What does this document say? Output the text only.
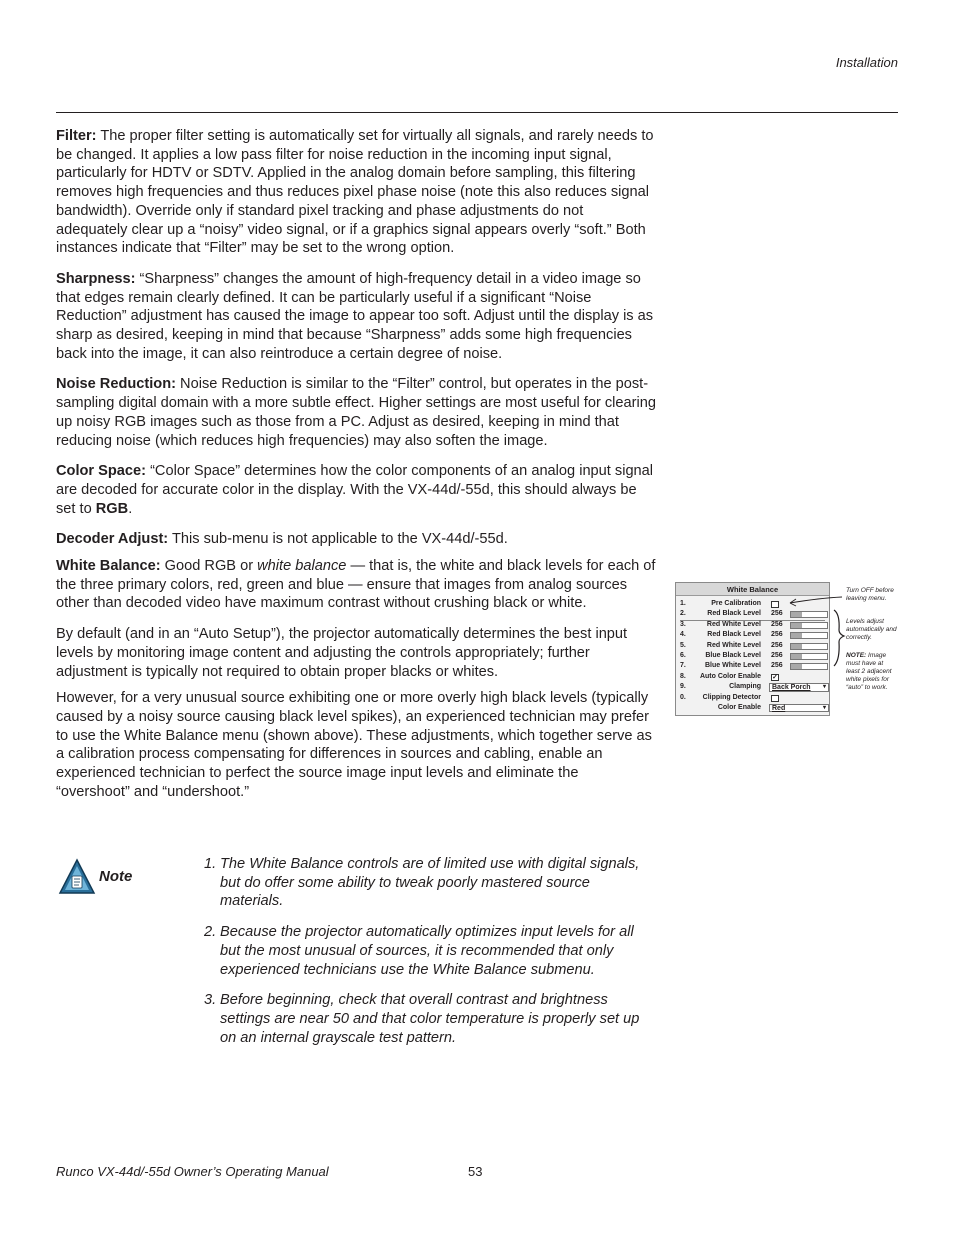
Installation

Filter: The proper filter setting is automatically set for virtually all signals, and rarely needs to be changed. It applies a low pass filter for noise reduction in the incoming input signal, particularly for HDTV or SDTV. Applied in the analog domain before sampling, this filtering removes high frequencies and thus reduces pixel phase noise (note this also reduces signal bandwidth). Override only if standard pixel tracking and phase adjustments do not adequately clear up a “noisy” video signal, or if a graphics signal appears overly “soft.” Both instances indicate that “Filter” may be set to the wrong option.

Sharpness: “Sharpness” changes the amount of high-frequency detail in a video image so that edges remain clearly defined. It can be particularly useful if a significant “Noise Reduction” adjustment has caused the image to appear too soft. Adjust until the display is as sharp as desired, keeping in mind that because “Sharpness” adds some high frequencies back into the image, it can also reintroduce a certain degree of noise.

Noise Reduction: Noise Reduction is similar to the “Filter” control, but operates in the post-sampling digital domain with a more subtle effect. Higher settings are most useful for clearing up noisy RGB images such as those from a PC. Adjust as desired, keeping in mind that reducing noise (which reduces high frequencies) may also soften the image.

Color Space: “Color Space” determines how the color components of an analog input signal are decoded for accurate color in the display. With the VX-44d/-55d, this should always be set to RGB.

Decoder Adjust: This sub-menu is not applicable to the VX-44d/-55d.

White Balance: Good RGB or white balance — that is, the white and black levels for each of the three primary colors, red, green and blue — ensure that images from analog sources other than decoded video have maximum contrast without crushing black or white.

By default (and in an “Auto Setup”), the projector automatically determines the best input levels by monitoring image content and adjusting the controls appropriately; further adjustment is typically not required to obtain proper blacks or whites.

However, for a very unusual source exhibiting one or more overly high black levels (typically caused by a noisy source causing black level spikes), an experienced technician may prefer to use the White Balance menu (shown above). These adjustments, which together serve as a calibration process compensating for differences in sources and cabling, enable an experienced technician to perfect the source image input levels and eliminate the “overshoot” and “undershoot.”

White Balance
1.	Pre Calibration
2.	Red Black Level 256
3.	Red White Level 256
4.	Red Black Level 256
5.	Red White Level 256
6.	Blue Black Level 256
7.	Blue White Level 256
8. Auto Color Enable ✓
9.	Clamping	Back Porch ▾
0. Clipping Detector
Color Enable	Red	▾
Turn OFF before leaving menu.
Levels adjust automatically and correctly.
NOTE: Image must have at least 2 adjacent white pixels for “auto” to work.
Note
1. The White Balance controls are of limited use with digital signals, but do offer some ability to tweak poorly mastered source materials.
2. Because the projector automatically optimizes input levels for all but the most unusual of sources, it is recommended that only experienced technicians use the White Balance submenu.
3. Before beginning, check that overall contrast and brightness settings are near 50 and that color temperature is properly set up on an internal grayscale test pattern.
Runco VX-44d/-55d Owner’s Operating Manual	53
